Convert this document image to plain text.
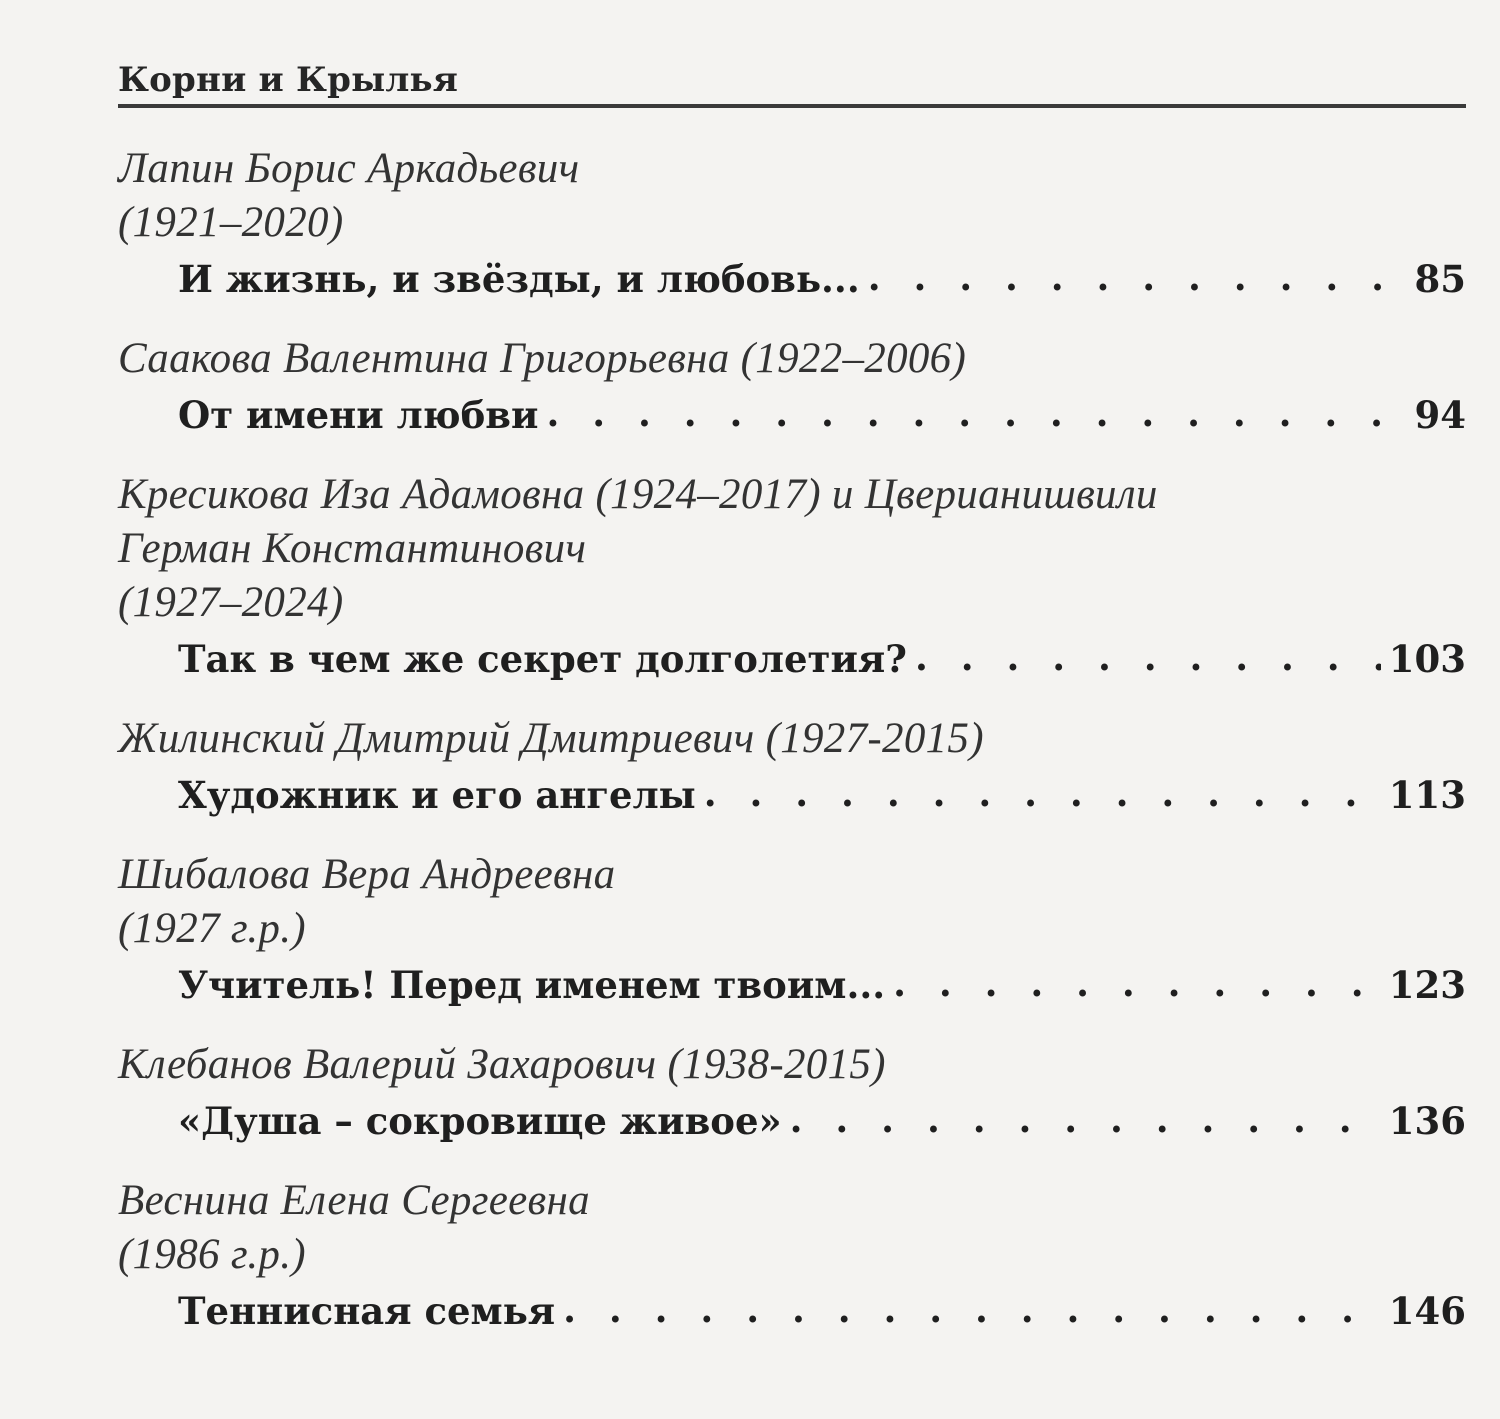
Корни и Крылья
Лапин Борис Аркадьевич
(1921–2020)
И жизнь, и звёзды, и любовь... . . .	85
Саакова Валентина Григорьевна (1922–2006)
От имени любви . . .	94
Кресикова Иза Адамовна (1924–2017) и Цверианишвили
Герман Константинович
(1927–2024)
Так в чем же секрет долголетия? . . .	103
Жилинский Дмитрий Дмитриевич (1927-2015)
Художник и его ангелы . . .	113
Шибалова Вера Андреевна
(1927 г.р.)
Учитель! Перед именем твоим... . . .	123
Клебанов Валерий Захарович (1938-2015)
«Душа – сокровище живое» . . .	136
Веснина Елена Сергеевна
(1986 г.р.)
Теннисная семья . . .	146
